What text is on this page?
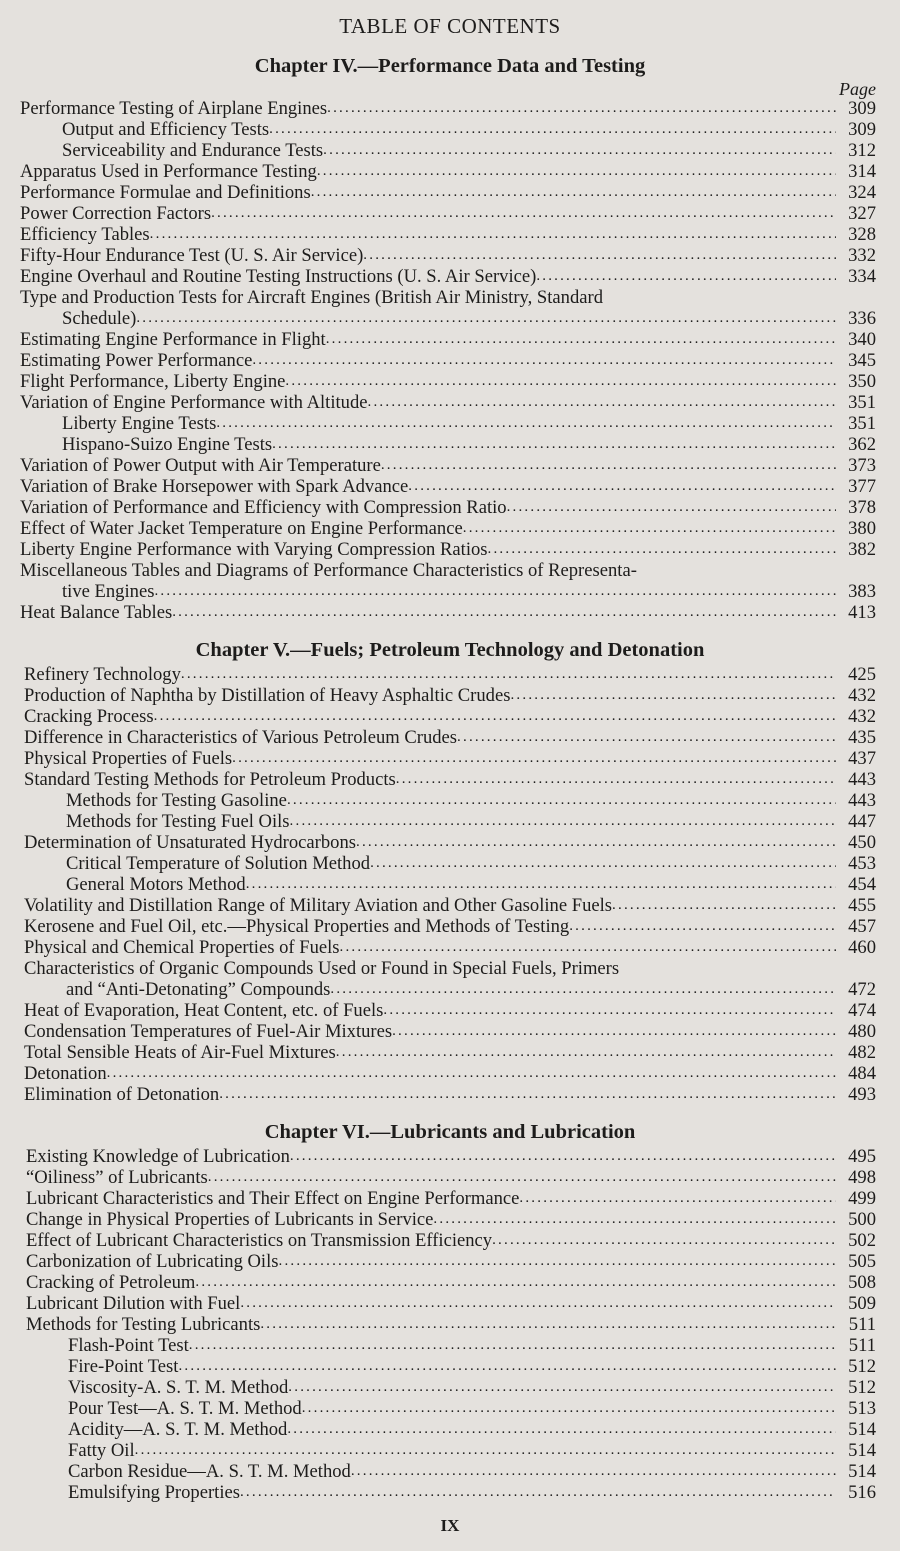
TABLE OF CONTENTS
Chapter IV.—Performance Data and Testing
Page
Performance Testing of Airplane Engines .....	309
Output and Efficiency Tests .....	309
Serviceability and Endurance Tests .....	312
Apparatus Used in Performance Testing .....	314
Performance Formulae and Definitions .....	324
Power Correction Factors .....	327
Efficiency Tables .....	328
Fifty-Hour Endurance Test (U. S. Air Service) .....	332
Engine Overhaul and Routine Testing Instructions (U. S. Air Service) .....	334
Type and Production Tests for Aircraft Engines (British Air Ministry, Standard
Schedule) .....	336
Estimating Engine Performance in Flight .....	340
Estimating Power Performance .....	345
Flight Performance, Liberty Engine .....	350
Variation of Engine Performance with Altitude .....	351
Liberty Engine Tests .....	351
Hispano-Suizo Engine Tests .....	362
Variation of Power Output with Air Temperature .....	373
Variation of Brake Horsepower with Spark Advance .....	377
Variation of Performance and Efficiency with Compression Ratio .....	378
Effect of Water Jacket Temperature on Engine Performance .....	380
Liberty Engine Performance with Varying Compression Ratios .....	382
Miscellaneous Tables and Diagrams of Performance Characteristics of Representa-
tive Engines .....	383
Heat Balance Tables .....	413
Chapter V.—Fuels; Petroleum Technology and Detonation
Refinery Technology .....	425
Production of Naphtha by Distillation of Heavy Asphaltic Crudes .....	432
Cracking Process .....	432
Difference in Characteristics of Various Petroleum Crudes .....	435
Physical Properties of Fuels .....	437
Standard Testing Methods for Petroleum Products .....	443
Methods for Testing Gasoline .....	443
Methods for Testing Fuel Oils .....	447
Determination of Unsaturated Hydrocarbons .....	450
Critical Temperature of Solution Method .....	453
General Motors Method .....	454
Volatility and Distillation Range of Military Aviation and Other Gasoline Fuels .....	455
Kerosene and Fuel Oil, etc.—Physical Properties and Methods of Testing .....	457
Physical and Chemical Properties of Fuels .....	460
Characteristics of Organic Compounds Used or Found in Special Fuels, Primers
and “Anti-Detonating” Compounds .....	472
Heat of Evaporation, Heat Content, etc. of Fuels .....	474
Condensation Temperatures of Fuel-Air Mixtures .....	480
Total Sensible Heats of Air-Fuel Mixtures .....	482
Detonation .....	484
Elimination of Detonation .....	493
Chapter VI.—Lubricants and Lubrication
Existing Knowledge of Lubrication .....	495
“Oiliness” of Lubricants .....	498
Lubricant Characteristics and Their Effect on Engine Performance .....	499
Change in Physical Properties of Lubricants in Service .....	500
Effect of Lubricant Characteristics on Transmission Efficiency .....	502
Carbonization of Lubricating Oils .....	505
Cracking of Petroleum .....	508
Lubricant Dilution with Fuel .....	509
Methods for Testing Lubricants .....	511
Flash-Point Test .....	511
Fire-Point Test .....	512
Viscosity-A. S. T. M. Method .....	512
Pour Test—A. S. T. M. Method .....	513
Acidity—A. S. T. M. Method .....	514
Fatty Oil .....	514
Carbon Residue—A. S. T. M. Method .....	514
Emulsifying Properties .....	516
IX
